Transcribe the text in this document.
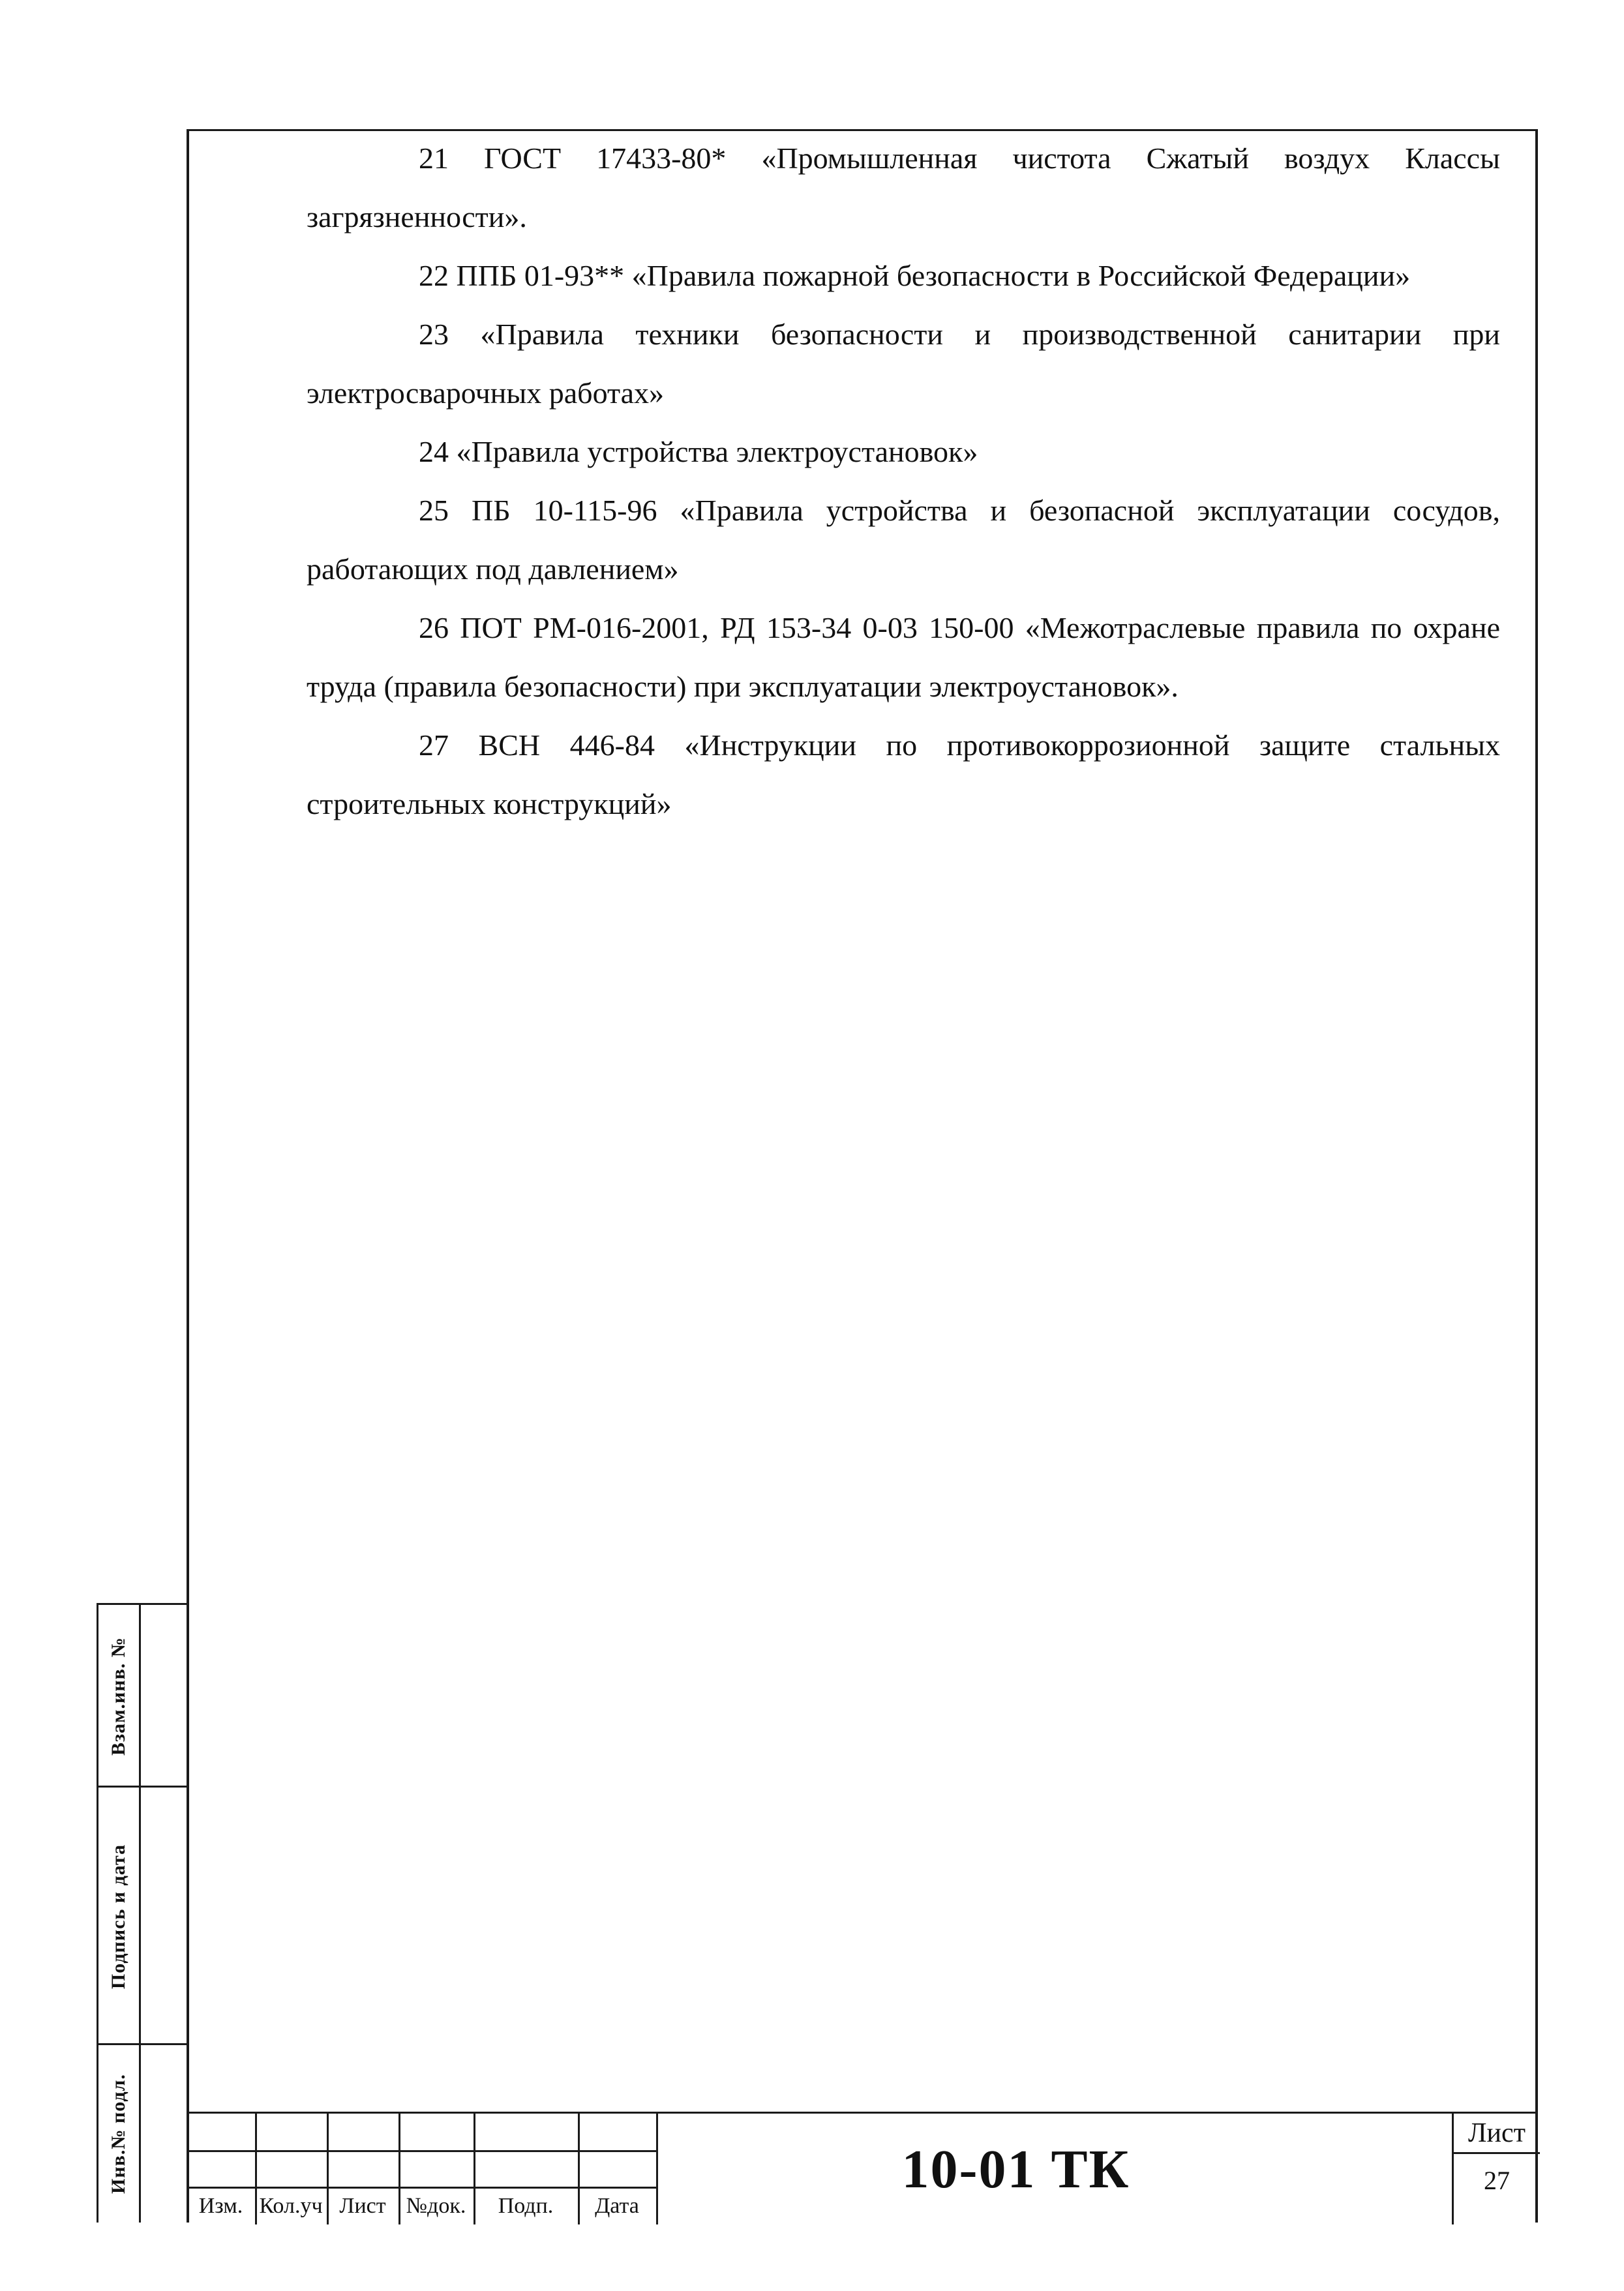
21 ГОСТ 17433-80* «Промышленная чистота Сжатый воздух Классы загрязненности».

22 ППБ 01-93** «Правила пожарной безопасности в Российской Федерации»

23 «Правила техники безопасности и производственной санитарии при электросварочных работах»

24 «Правила устройства электроустановок»

25 ПБ 10-115-96 «Правила устройства и безопасной эксплуатации сосудов, работающих под давлением»

26 ПОТ РМ-016-2001, РД 153-34 0-03 150-00 «Межотраслевые правила по охране труда (правила безопасности) при эксплуатации электроустановок».

27 ВСН 446-84 «Инструкции по противокоррозионной защите стальных строительных конструкций»

Взам.инв. №
Подпись и дата
Инв.№ подл.
Изм. Кол.уч Лист №док.	Подп.	Дата
10-01 ТК
Лист
27
